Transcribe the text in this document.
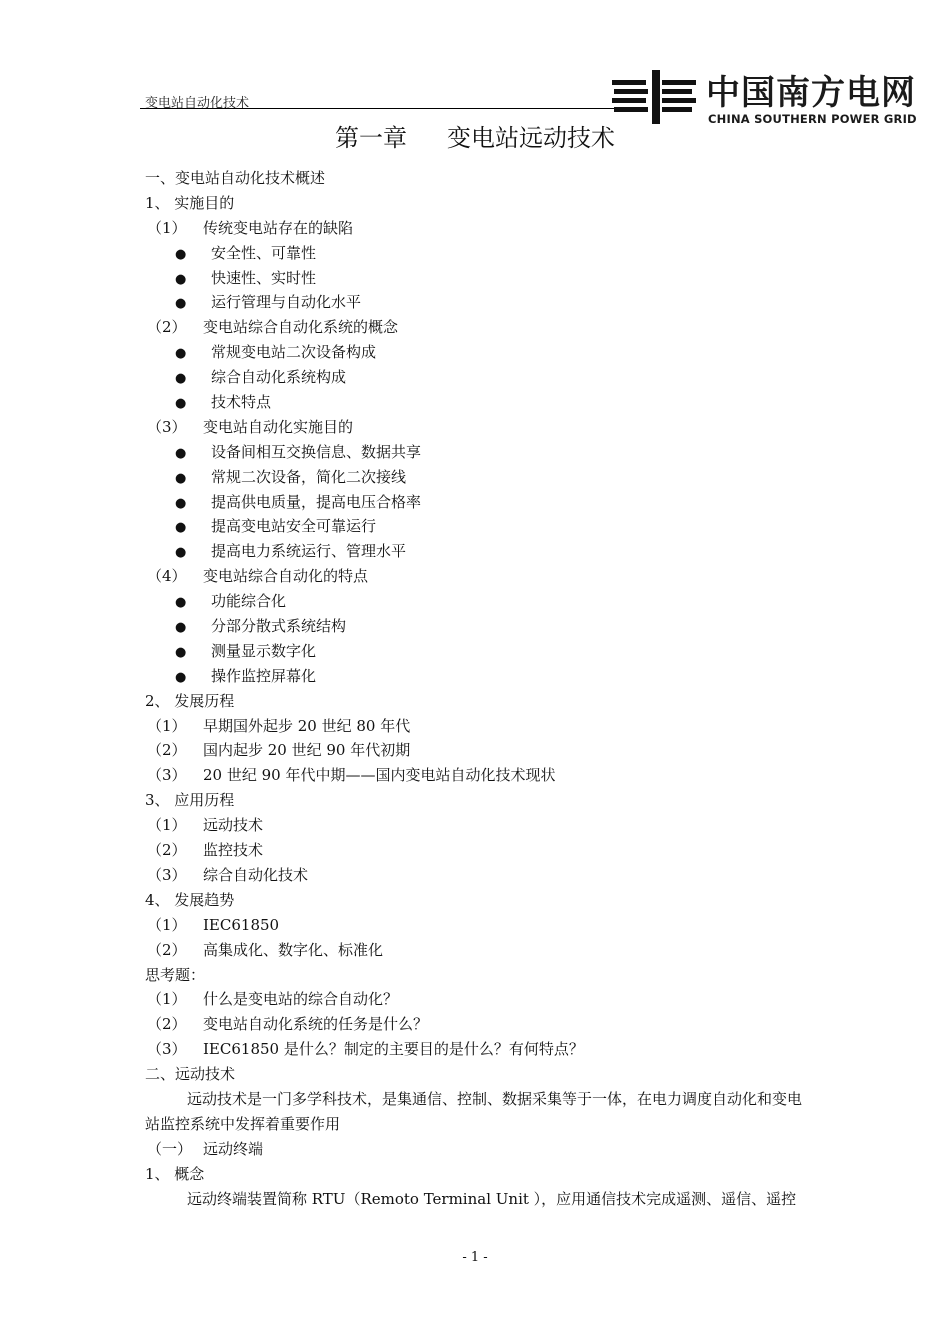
变电站自动化技术	中国南方电网
CHINA SOUTHERN POWER GRID
第一章 变电站远动技术
一、变电站自动化技术概述
1、 实施目的
（1） 传统变电站存在的缺陷
● 安全性、可靠性
● 快速性、实时性
● 运行管理与自动化水平
（2） 变电站综合自动化系统的概念
● 常规变电站二次设备构成
● 综合自动化系统构成
● 技术特点
（3） 变电站自动化实施目的
● 设备间相互交换信息、数据共享
● 常规二次设备，简化二次接线
● 提高供电质量，提高电压合格率
● 提高变电站安全可靠运行
● 提高电力系统运行、管理水平
（4） 变电站综合自动化的特点
● 功能综合化
● 分部分散式系统结构
● 测量显示数字化
● 操作监控屏幕化
2、 发展历程
（1） 早期国外起步 20 世纪 80 年代
（2） 国内起步 20 世纪 90 年代初期
（3） 20 世纪 90 年代中期——国内变电站自动化技术现状
3、 应用历程
（1） 远动技术
（2） 监控技术
（3） 综合自动化技术
4、 发展趋势
（1） IEC61850
（2） 高集成化、数字化、标准化
思考题：
（1） 什么是变电站的综合自动化？
（2） 变电站自动化系统的任务是什么？
（3） IEC61850 是什么？制定的主要目的是什么？有何特点？
二、远动技术
远动技术是一门多学科技术，是集通信、控制、数据采集等于一体，在电力调度自动化和变电站监控系统中发挥着重要作用
（一） 远动终端
1、 概念
远动终端装置简称 RTU（Remoto Terminal Unit ），应用通信技术完成遥测、遥信、遥控
- 1 -
